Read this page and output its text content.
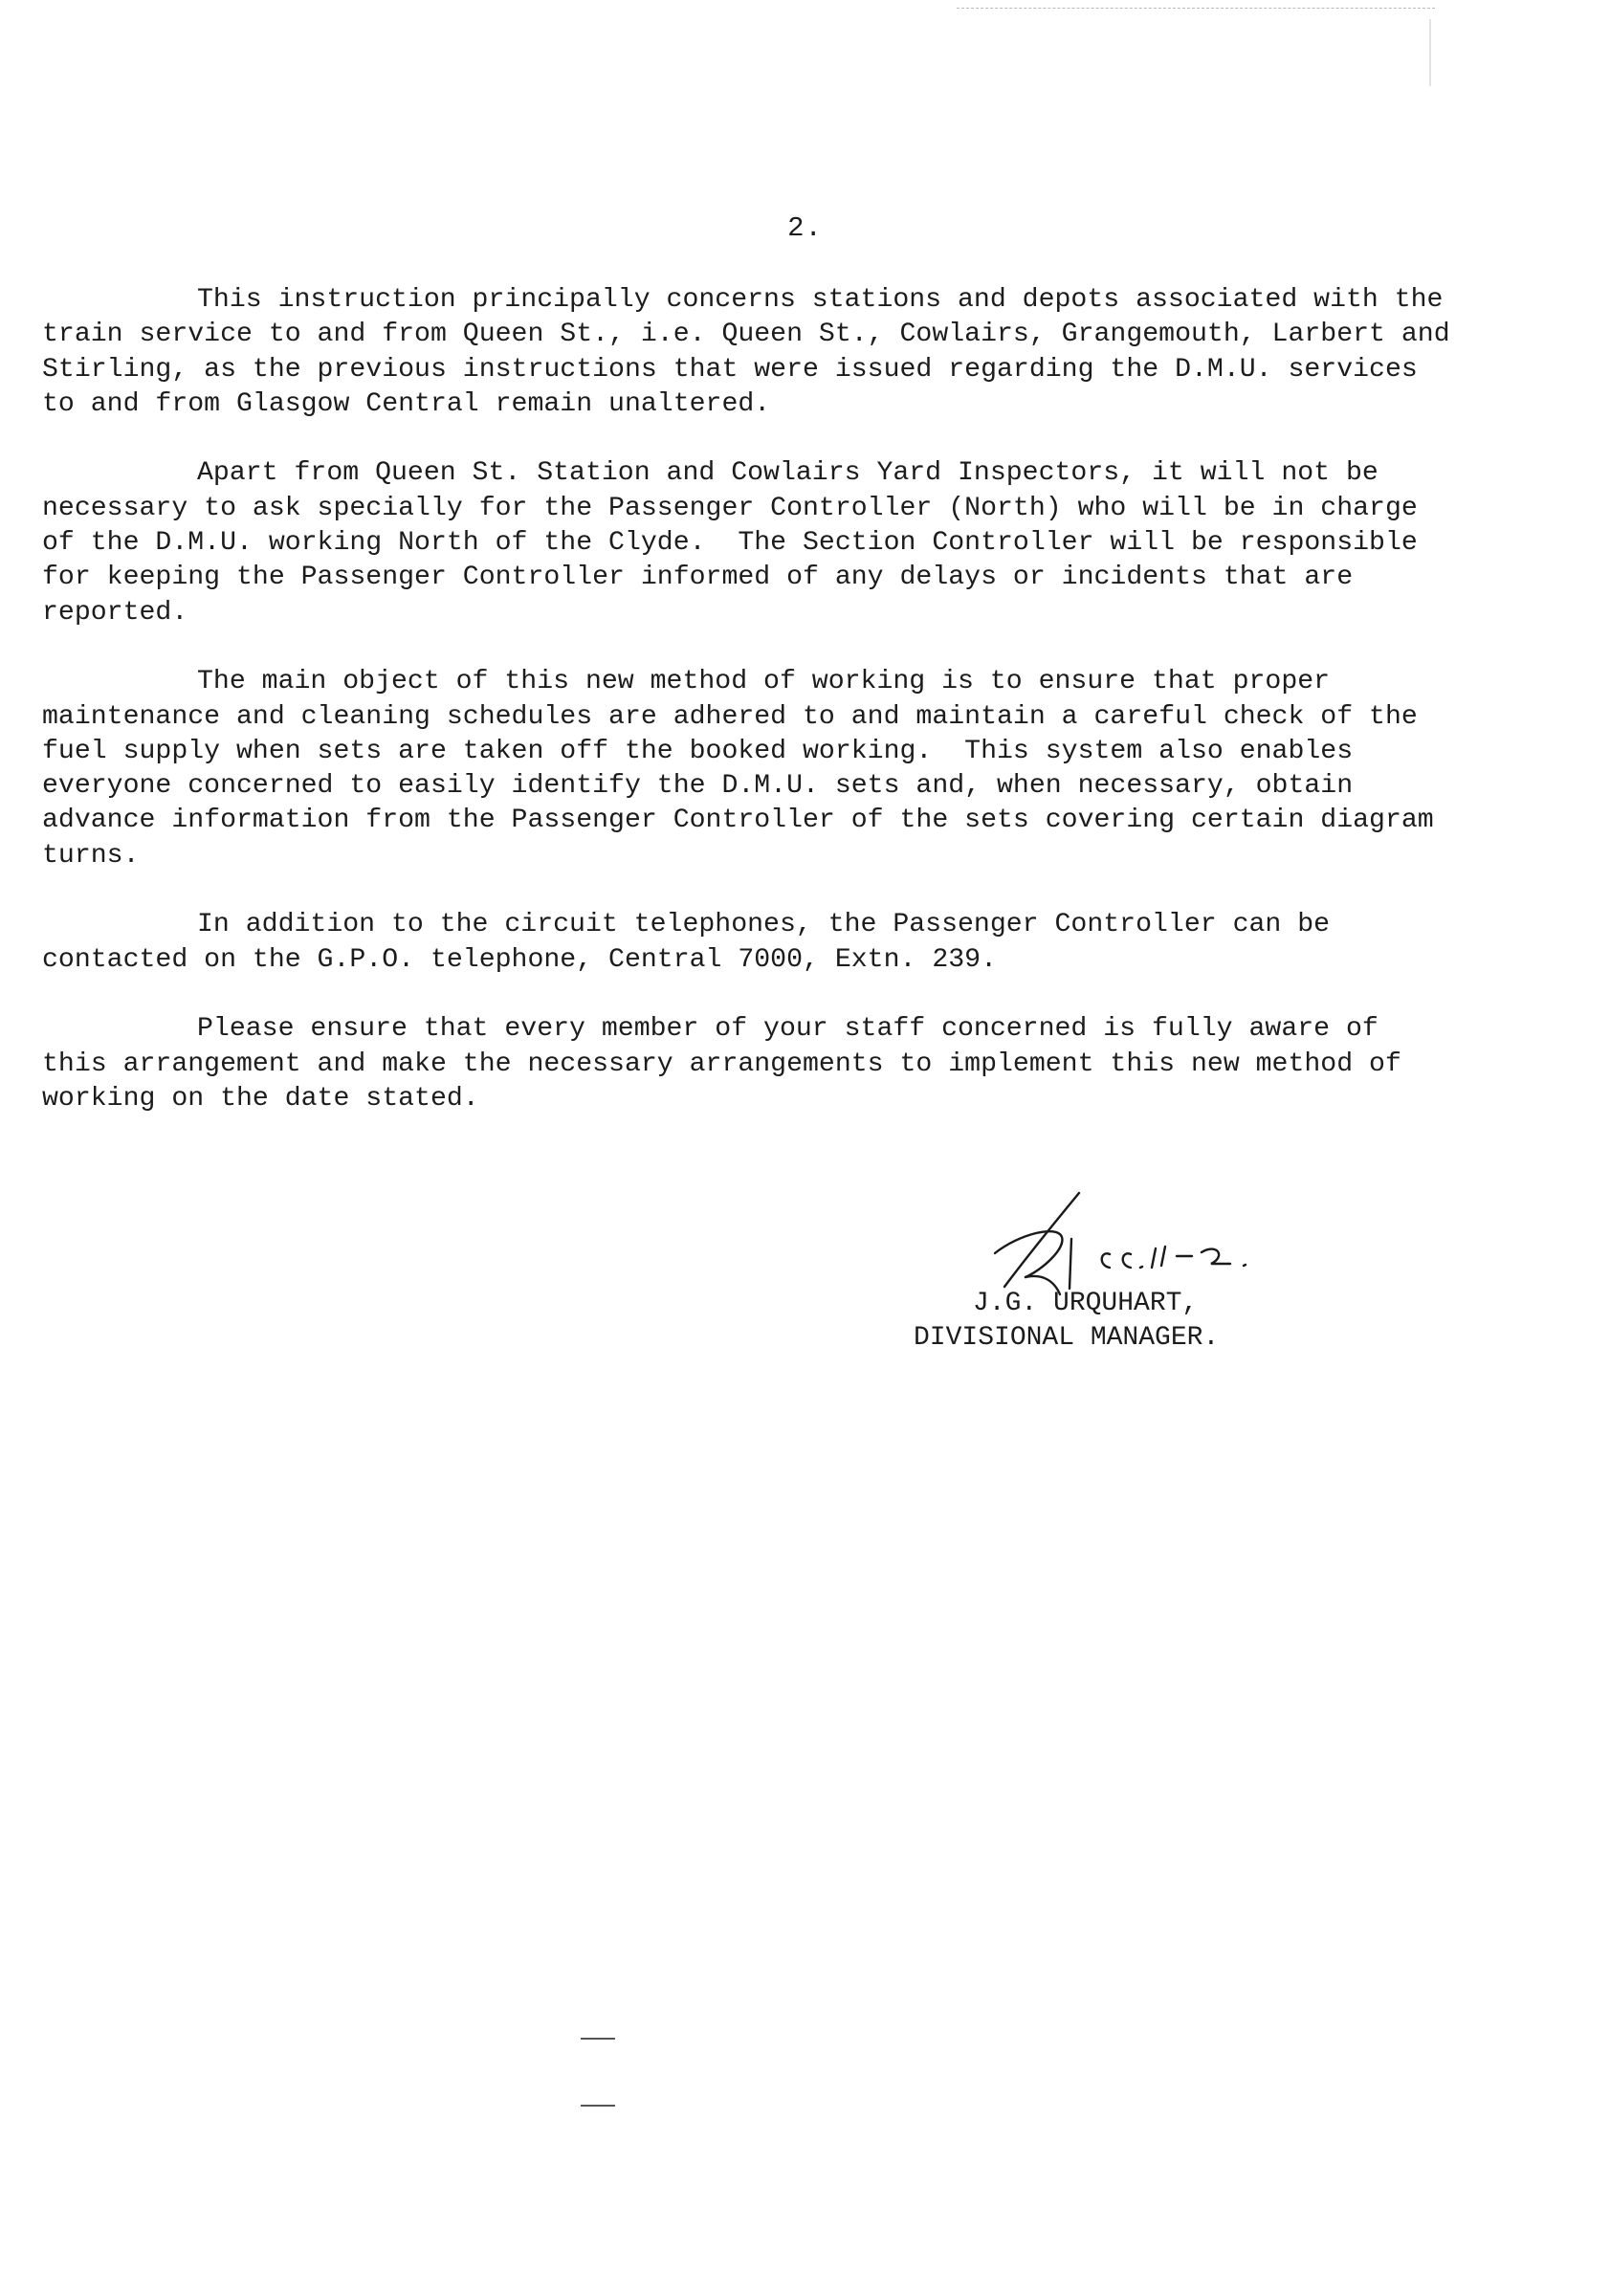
2.

This instruction principally concerns stations and depots associated with the
train service to and from Queen St., i.e. Queen St., Cowlairs, Grangemouth, Larbert and
Stirling, as the previous instructions that were issued regarding the D.M.U. services
to and from Glasgow Central remain unaltered.

Apart from Queen St. Station and Cowlairs Yard Inspectors, it will not be
necessary to ask specially for the Passenger Controller (North) who will be in charge
of the D.M.U. working North of the Clyde.  The Section Controller will be responsible
for keeping the Passenger Controller informed of any delays or incidents that are
reported.

The main object of this new method of working is to ensure that proper
maintenance and cleaning schedules are adhered to and maintain a careful check of the
fuel supply when sets are taken off the booked working.  This system also enables
everyone concerned to easily identify the D.M.U. sets and, when necessary, obtain
advance information from the Passenger Controller of the sets covering certain diagram
turns.

In addition to the circuit telephones, the Passenger Controller can be
contacted on the G.P.O. telephone, Central 7000, Extn. 239.

Please ensure that every member of your staff concerned is fully aware of
this arrangement and make the necessary arrangements to implement this new method of
working on the date stated.

J.G. URQUHART,
DIVISIONAL MANAGER.
